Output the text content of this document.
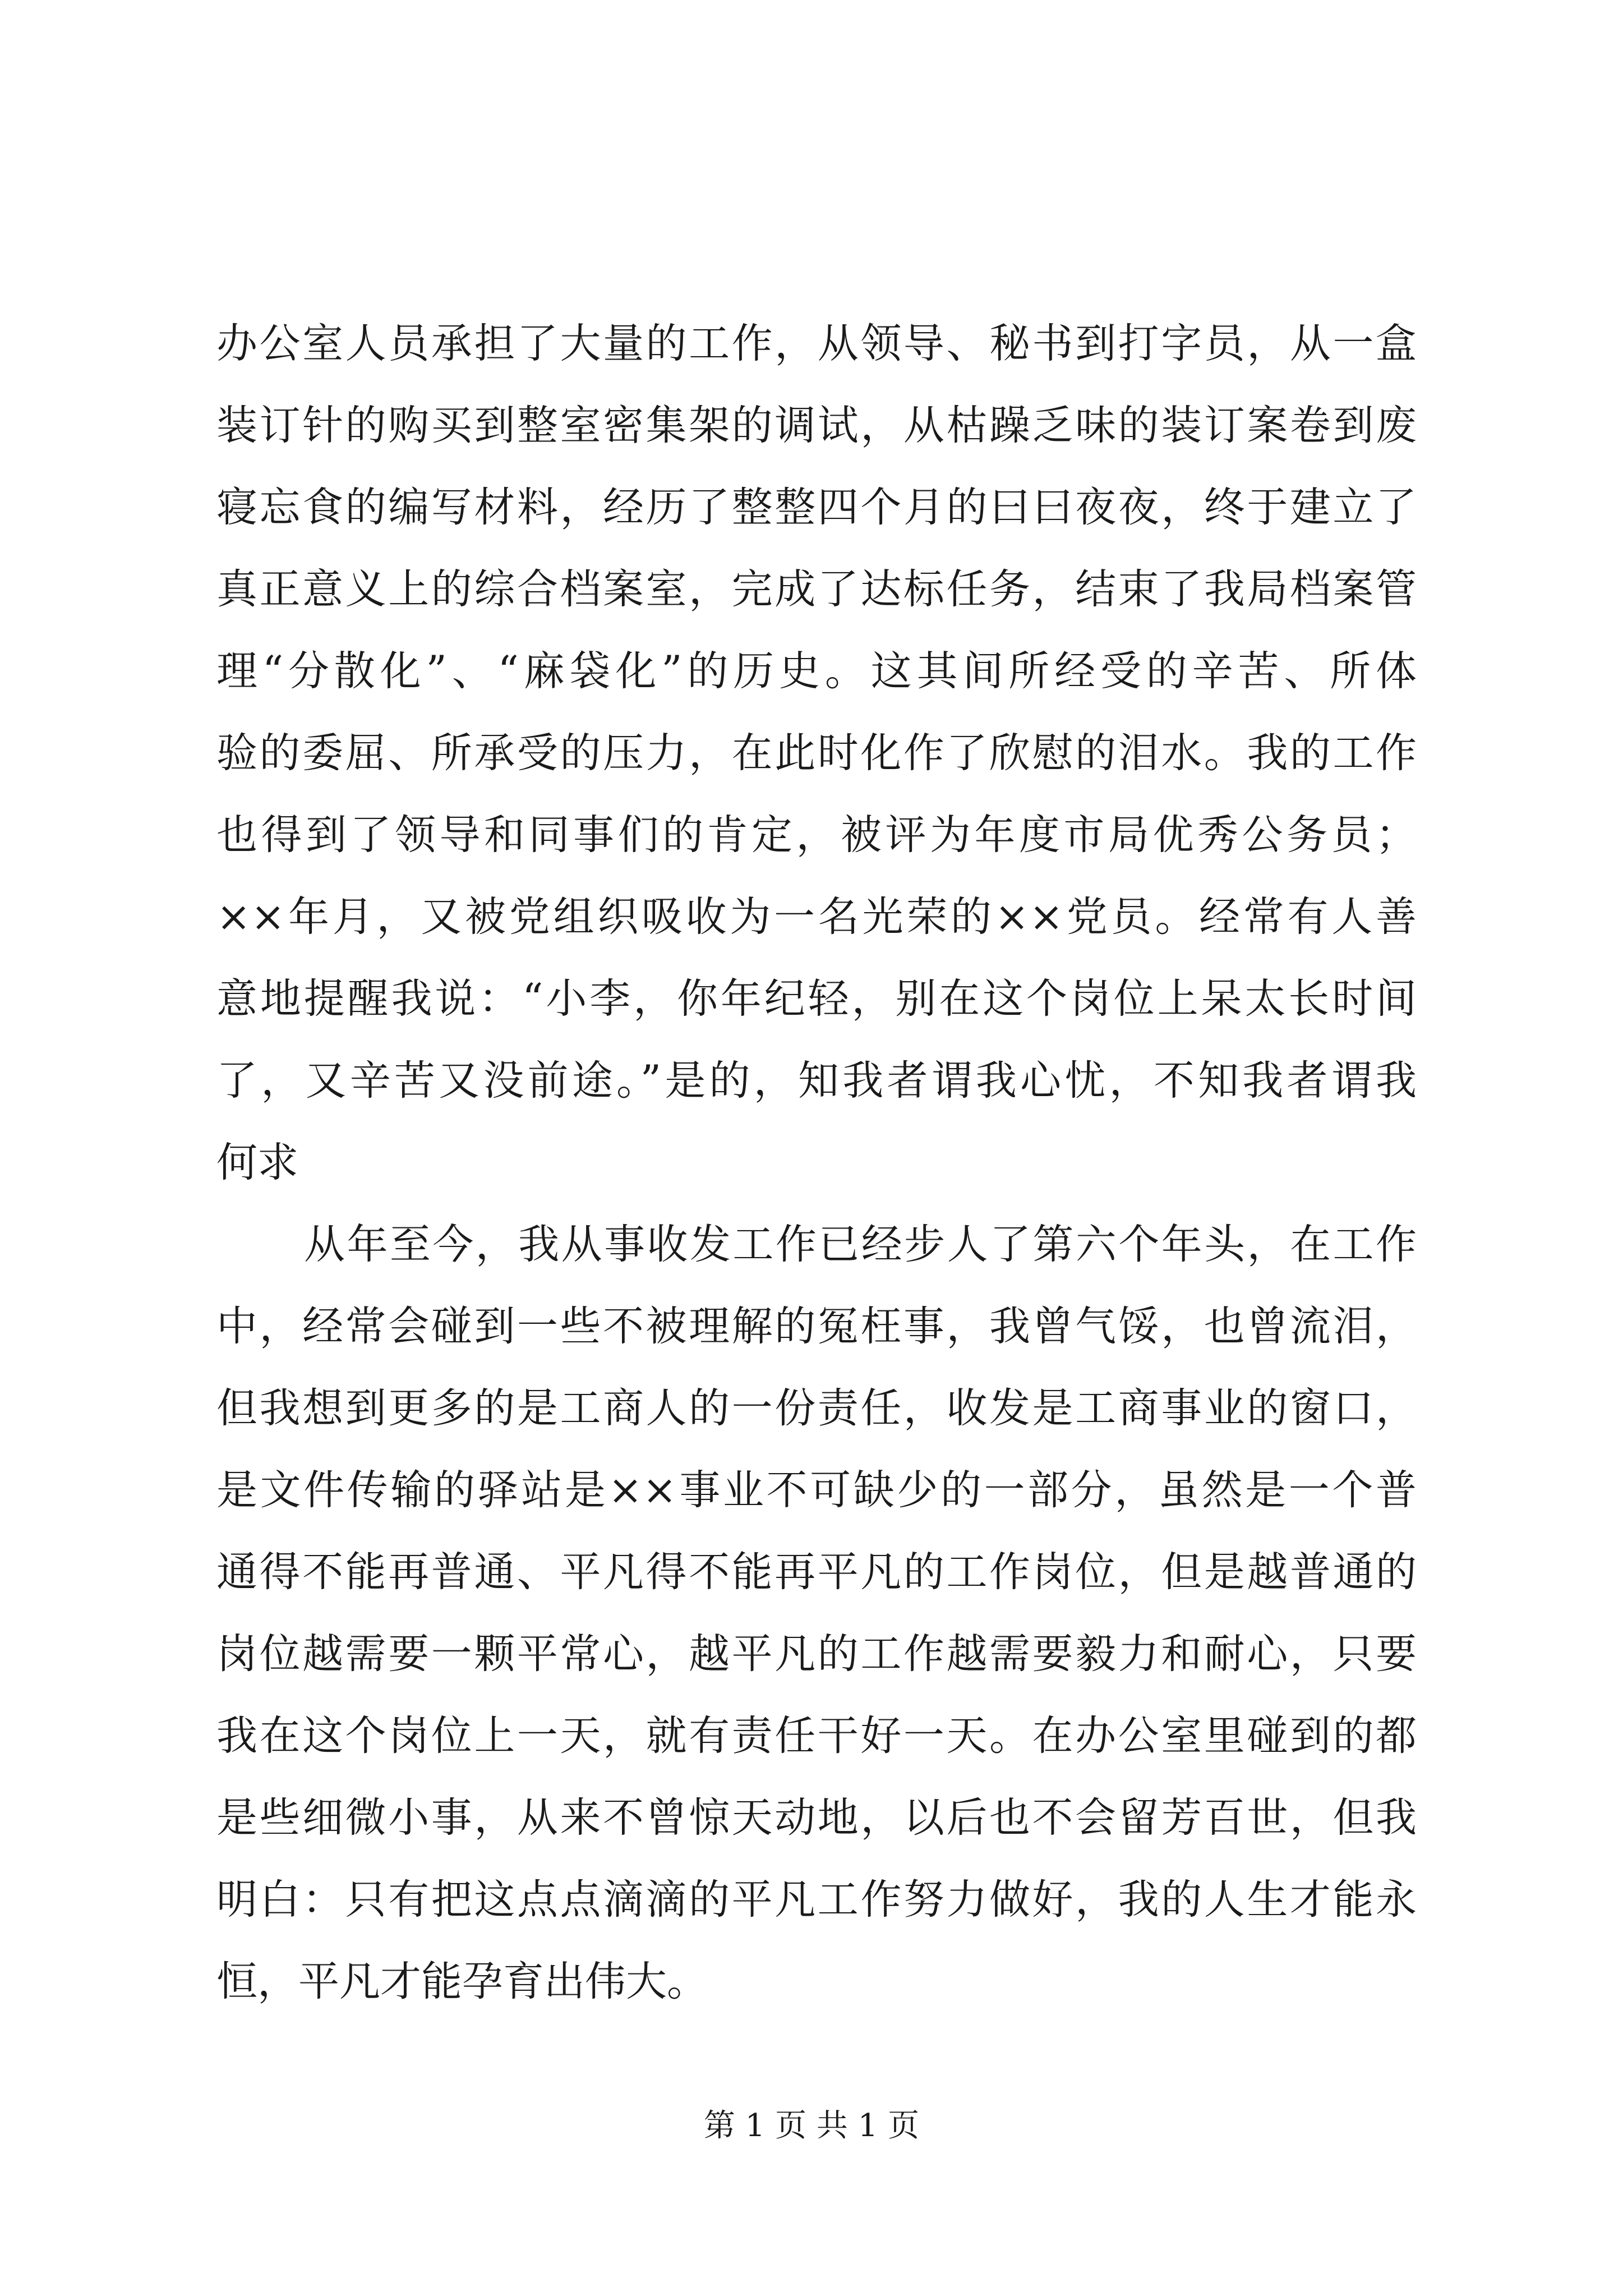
办公室人员承担了大量的工作，从领导、秘书到打字员，从一盒
装订针的购买到整室密集架的调试，从枯躁乏味的装订案卷到废
寝忘食的编写材料，经历了整整四个月的曰曰夜夜，终于建立了
真正意义上的综合档案室，完成了达标任务，结束了我局档案管
理“分散化”、“麻袋化”的历史。这其间所经受的辛苦、所体
验的委屈、所承受的压力，在此时化作了欣慰的泪水。我的工作
也得到了领导和同事们的肯定，被评为年度市局优秀公务员；
××年月，又被党组织吸收为一名光荣的××党员。经常有人善
意地提醒我说：“小李，你年纪轻，别在这个岗位上呆太长时间
了，又辛苦又没前途。”是的，知我者谓我心忧，不知我者谓我
何求
从年至今，我从事收发工作已经步人了第六个年头，在工作
中，经常会碰到一些不被理解的冤枉事，我曾气馁，也曾流泪，
但我想到更多的是工商人的一份责任，收发是工商事业的窗口，
是文件传输的驿站是××事业不可缺少的一部分，虽然是一个普
通得不能再普通、平凡得不能再平凡的工作岗位，但是越普通的
岗位越需要一颗平常心，越平凡的工作越需要毅力和耐心，只要
我在这个岗位上一天，就有责任干好一天。在办公室里碰到的都
是些细微小事，从来不曾惊天动地，以后也不会留芳百世，但我
明白：只有把这点点滴滴的平凡工作努力做好，我的人生才能永
恒，平凡才能孕育出伟大。
第 1 页 共 1 页
